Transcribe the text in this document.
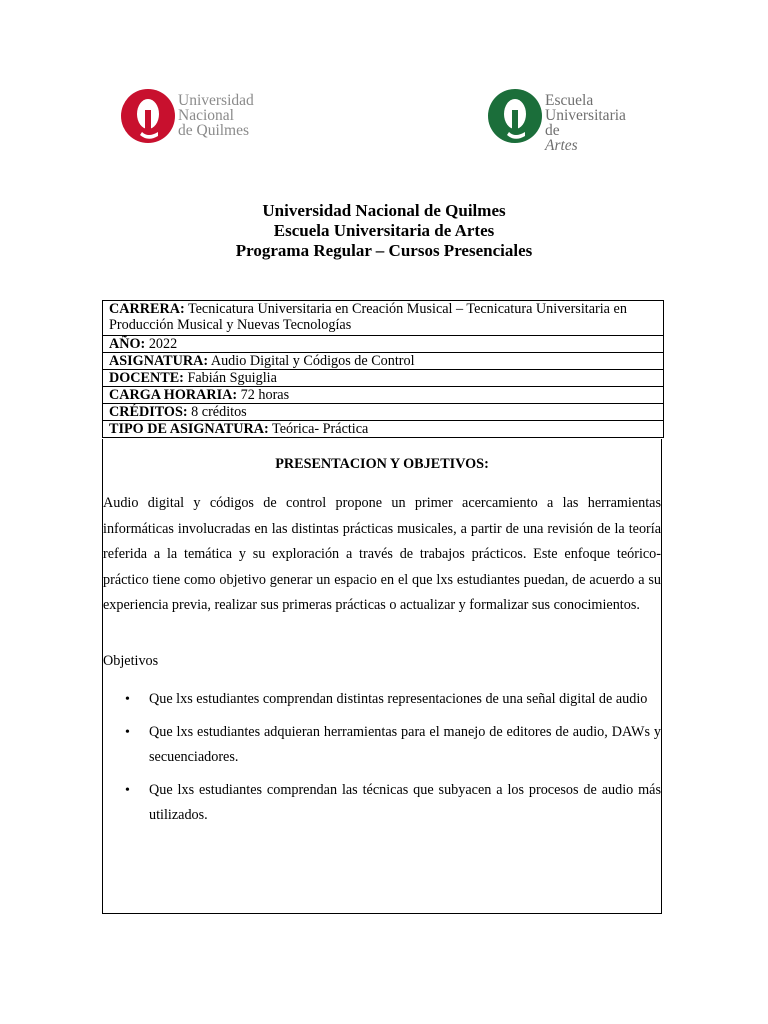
Universidad
Nacional
de Quilmes
Escuela
Universitaria
de
Artes
Universidad Nacional de Quilmes
Escuela Universitaria de Artes
Programa Regular – Cursos Presenciales
CARRERA: Tecnicatura Universitaria en Creación Musical – Tecnicatura Universitaria en Producción Musical y Nuevas Tecnologías
AÑO: 2022
ASIGNATURA: Audio Digital y Códigos de Control
DOCENTE: Fabián Sguiglia
CARGA HORARIA: 72 horas
CRÉDITOS: 8 créditos
TIPO DE ASIGNATURA: Teórica- Práctica
PRESENTACION Y OBJETIVOS:
Audio digital y códigos de control propone un primer acercamiento a las herramientas informáticas involucradas en las distintas prácticas musicales, a partir de una revisión de la teoría referida a la temática y su exploración a través de trabajos prácticos. Este enfoque teórico-práctico tiene como objetivo generar un espacio en el que lxs estudiantes puedan, de acuerdo a su experiencia previa, realizar sus primeras prácticas o actualizar y formalizar sus conocimientos.
Objetivos
• Que lxs estudiantes comprendan distintas representaciones de una señal digital de audio
• Que lxs estudiantes adquieran herramientas para el manejo de editores de audio, DAWs y secuenciadores.
• Que lxs estudiantes comprendan las técnicas que subyacen a los procesos de audio más utilizados.
